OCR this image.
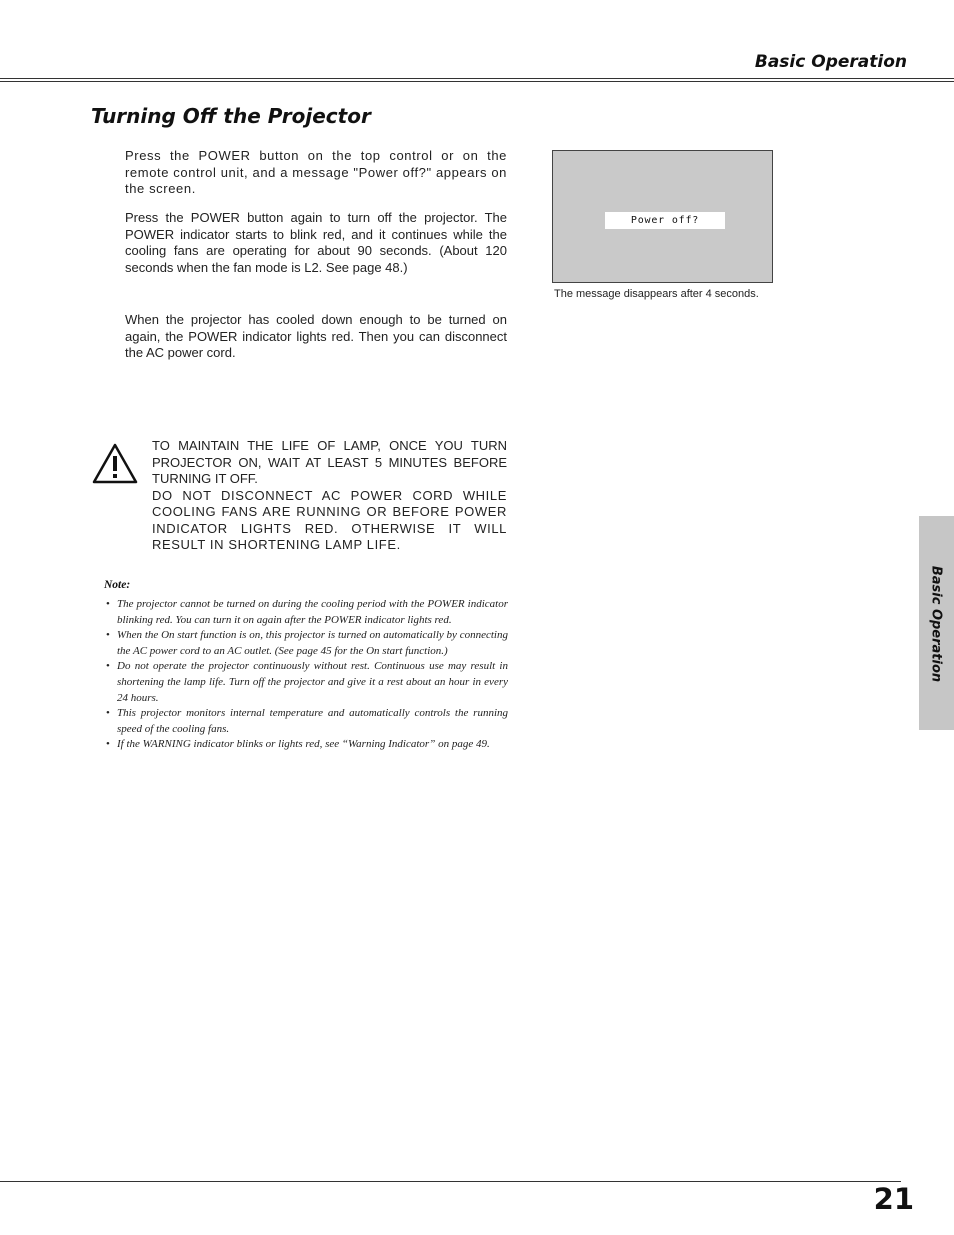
Basic Operation
Turning Off the Projector

Press the POWER button on the top control or on the remote control unit, and a message "Power off?" appears on the screen.

Press the POWER button again to turn off the projector. The POWER indicator starts to blink red, and it continues while the cooling fans are operating for about 90 seconds. (About 120 seconds when the fan mode is L2. See page 48.)

When the projector has cooled down enough to be turned on again, the POWER indicator lights red. Then you can disconnect the AC power cord.

Power off?

The message disappears after 4 seconds.

TO MAINTAIN THE LIFE OF LAMP, ONCE YOU TURN PROJECTOR ON, WAIT AT LEAST 5 MINUTES BEFORE TURNING IT OFF.
DO NOT DISCONNECT AC POWER CORD WHILE COOLING FANS ARE RUNNING OR BEFORE POWER INDICATOR LIGHTS RED. OTHERWISE IT WILL RESULT IN SHORTENING LAMP LIFE.

Note:

• The projector cannot be turned on during the cooling period with the POWER indicator blinking red. You can turn it on again after the POWER indicator lights red.
• When the On start function is on, this projector is turned on automatically by connecting the AC power cord to an AC outlet. (See page 45 for the On start function.)
• Do not operate the projector continuously without rest. Continuous use may result in shortening the lamp life. Turn off the projector and give it a rest about an hour in every 24 hours.
• This projector monitors internal temperature and automatically controls the running speed of the cooling fans.
• If the WARNING indicator blinks or lights red, see “Warning Indicator” on page 49.
Basic Operation
21
